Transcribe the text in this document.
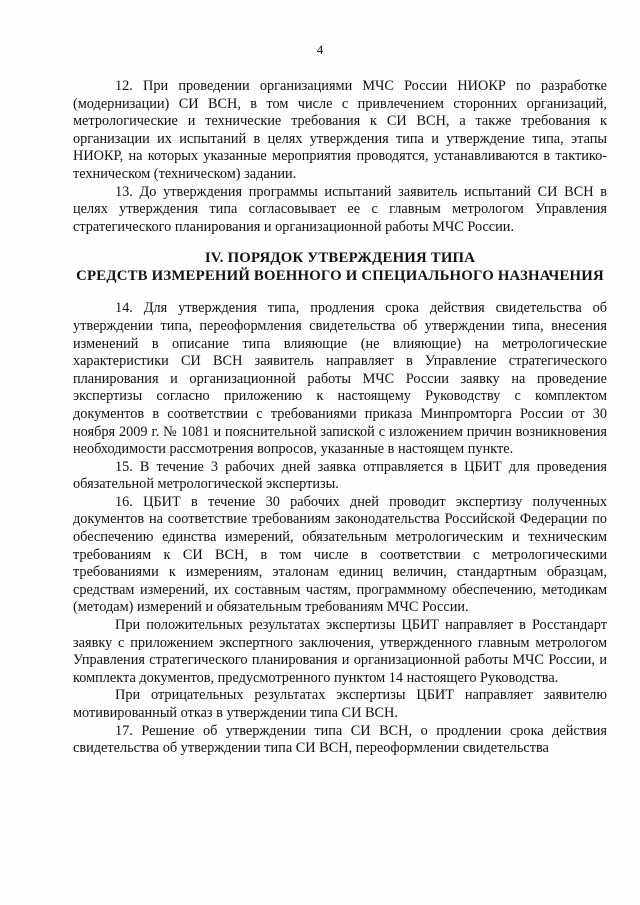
4

12. При проведении организациями МЧС России НИОКР по разработке (модернизации) СИ ВСН, в том числе с привлечением сторонних организаций, метрологические и технические требования к СИ ВСН, а также требования к организации их испытаний в целях утверждения типа и утверждение типа, этапы НИОКР, на которых указанные мероприятия проводятся, устанавливаются в тактико-техническом (техническом) задании.

13. До утверждения программы испытаний заявитель испытаний СИ ВСН в целях утверждения типа согласовывает ее с главным метрологом Управления стратегического планирования и организационной работы МЧС России.

IV. ПОРЯДОК УТВЕРЖДЕНИЯ ТИПА
СРЕДСТВ ИЗМЕРЕНИЙ ВОЕННОГО И СПЕЦИАЛЬНОГО НАЗНАЧЕНИЯ

14. Для утверждения типа, продления срока действия свидетельства об утверждении типа, переоформления свидетельства об утверждении типа, внесения изменений в описание типа влияющие (не влияющие) на метрологические характеристики СИ ВСН заявитель направляет в Управление стратегического планирования и организационной работы МЧС России заявку на проведение экспертизы согласно приложению к настоящему Руководству с комплектом документов в соответствии с требованиями приказа Минпромторга России от 30 ноября 2009 г. № 1081 и пояснительной запиской с изложением причин возникновения необходимости рассмотрения вопросов, указанные в настоящем пункте.

15. В течение 3 рабочих дней заявка отправляется в ЦБИТ для проведения обязательной метрологической экспертизы.

16. ЦБИТ в течение 30 рабочих дней проводит экспертизу полученных документов на соответствие требованиям законодательства Российской Федерации по обеспечению единства измерений, обязательным метрологическим и техническим требованиям к СИ ВСН, в том числе в соответствии с метрологическими требованиями к измерениям, эталонам единиц величин, стандартным образцам, средствам измерений, их составным частям, программному обеспечению, методикам (методам) измерений и обязательным требованиям МЧС России.

При положительных результатах экспертизы ЦБИТ направляет в Росстандарт заявку с приложением экспертного заключения, утвержденного главным метрологом Управления стратегического планирования и организационной работы МЧС России, и комплекта документов, предусмотренного пунктом 14 настоящего Руководства.

При отрицательных результатах экспертизы ЦБИТ направляет заявителю мотивированный отказ в утверждении типа СИ ВСН.

17. Решение об утверждении типа СИ ВСН, о продлении срока действия свидетельства об утверждении типа СИ ВСН, переоформлении свидетельства
